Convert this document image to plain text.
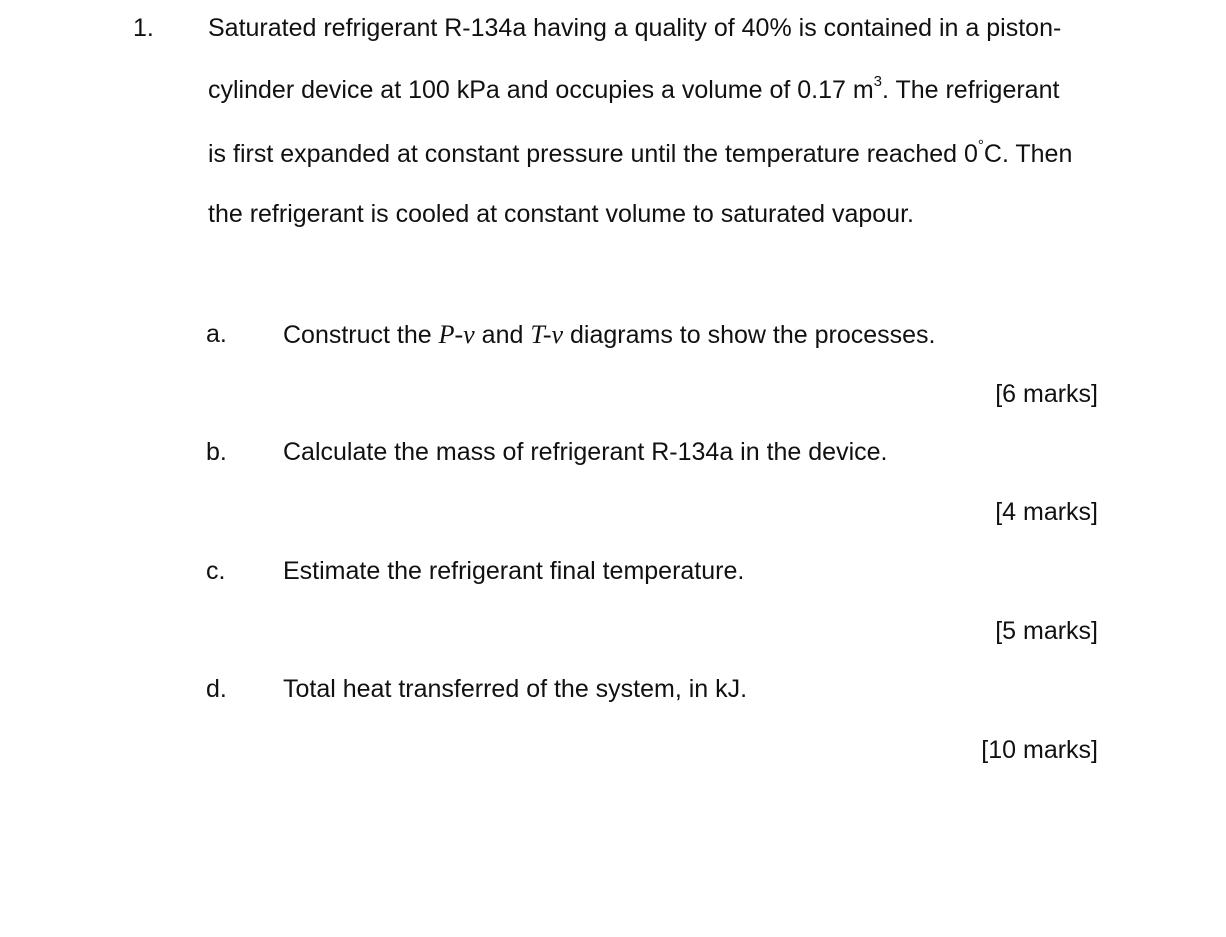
1. Saturated refrigerant R-134a having a quality of 40% is contained in a piston-
cylinder device at 100 kPa and occupies a volume of 0.17 $m^3$. The refrigerant
is first expanded at constant pressure until the temperature reached 0°C. Then
the refrigerant is cooled at constant volume to saturated vapour.
a. Construct the P-v and T-v diagrams to show the processes.
[6 marks]
b. Calculate the mass of refrigerant R-134a in the device.
[4 marks]
c. Estimate the refrigerant final temperature.
[5 marks]
d. Total heat transferred of the system, in kJ.
[10 marks]
